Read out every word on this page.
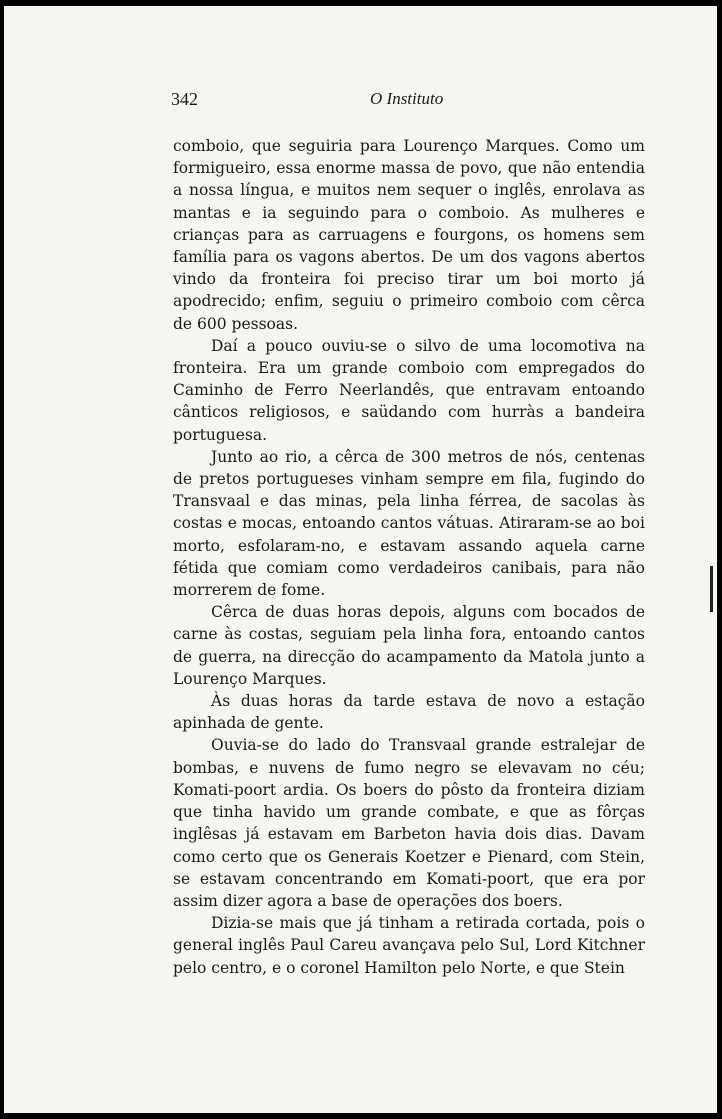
342	O Instituto

comboio, que seguiria para Lourenço Marques. Como um formigueiro, essa enorme massa de povo, que não entendia a nossa língua, e muitos nem sequer o inglês, enrolava as mantas e ia seguindo para o comboio. As mulheres e crianças para as carruagens e fourgons, os homens sem família para os vagons abertos. De um dos vagons abertos vindo da fronteira foi preciso tirar um boi morto já apodrecido; enfim, seguiu o primeiro comboio com cêrca de 600 pessoas.

Daí a pouco ouviu-se o silvo de uma locomotiva na fronteira. Era um grande comboio com empregados do Caminho de Ferro Neerlandês, que entravam entoando cânticos religiosos, e saüdando com hurràs a bandeira portuguesa.

Junto ao rio, a cêrca de 300 metros de nós, centenas de pretos portugueses vinham sempre em fila, fugindo do Transvaal e das minas, pela linha férrea, de sacolas às costas e mocas, entoando cantos vátuas. Atiraram-se ao boi morto, esfolaram-no, e estavam assando aquela carne fétida que comiam como verdadeiros canibais, para não morrerem de fome.

Cêrca de duas horas depois, alguns com bocados de carne às costas, seguiam pela linha fora, entoando cantos de guerra, na direcção do acampamento da Matola junto a Lourenço Marques.

Às duas horas da tarde estava de novo a estação apinhada de gente.

Ouvia-se do lado do Transvaal grande estralejar de bombas, e nuvens de fumo negro se elevavam no céu; Komati-poort ardia. Os boers do pôsto da fronteira diziam que tinha havido um grande combate, e que as fôrças inglêsas já estavam em Barbeton havia dois dias. Davam como certo que os Generais Koetzer e Pienard, com Stein, se estavam concentrando em Komati-poort, que era por assim dizer agora a base de operações dos boers.

Dizia-se mais que já tinham a retirada cortada, pois o general inglês Paul Careu avançava pelo Sul, Lord Kitchner pelo centro, e o coronel Hamilton pelo Norte, e que Stein
